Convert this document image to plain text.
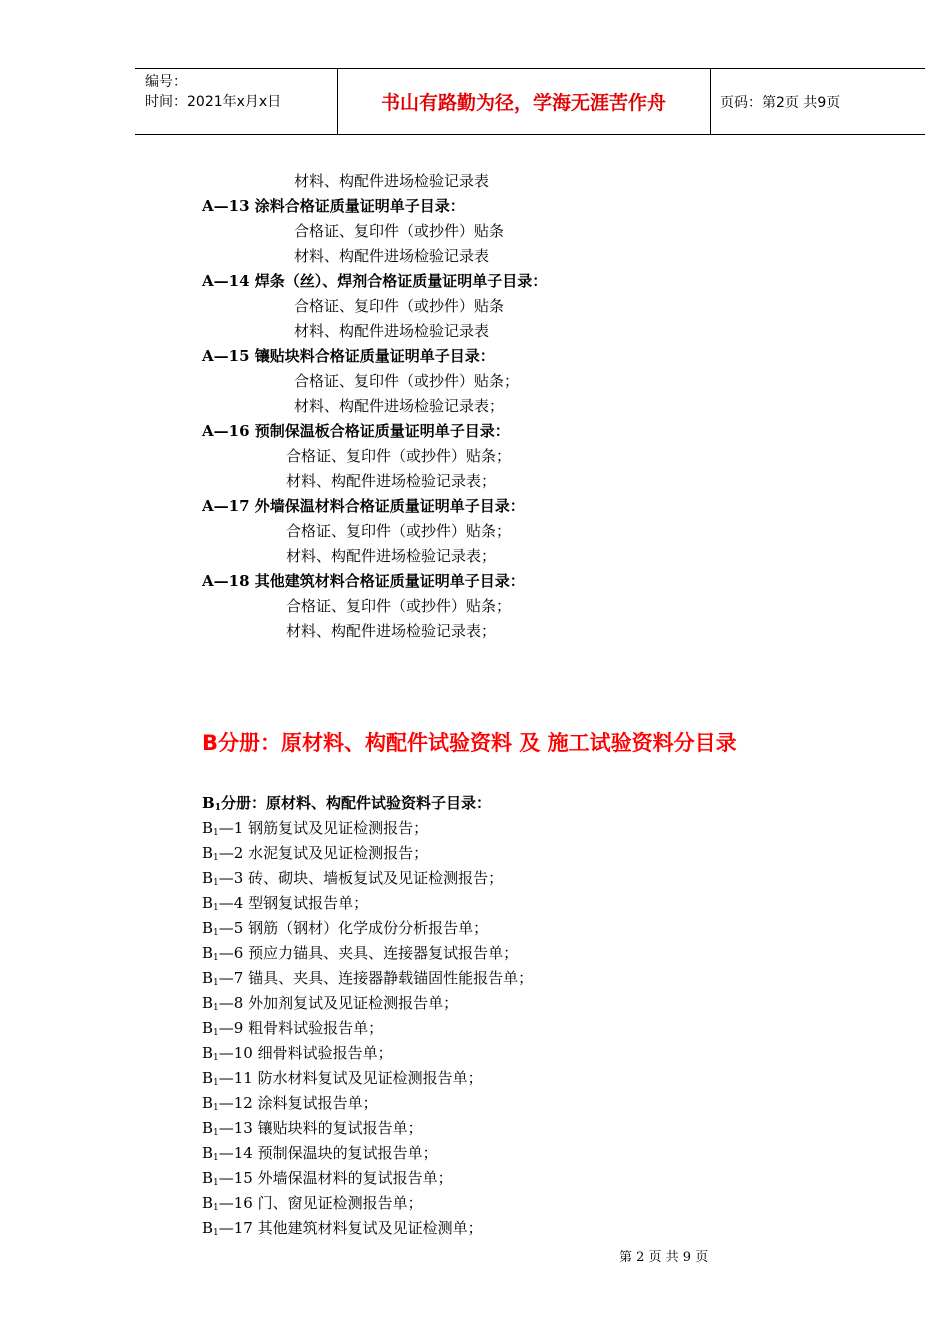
编号：
时间：2021年x月x日	书山有路勤为径，学海无涯苦作舟	页码：第2页 共9页
材料、构配件进场检验记录表
A—13 涂料合格证质量证明单子目录：
合格证、复印件（或抄件）贴条
材料、构配件进场检验记录表
A—14 焊条（丝）、焊剂合格证质量证明单子目录：
合格证、复印件（或抄件）贴条
材料、构配件进场检验记录表
A—15 镶贴块料合格证质量证明单子目录：
合格证、复印件（或抄件）贴条；
材料、构配件进场检验记录表；
A—16 预制保温板合格证质量证明单子目录：
合格证、复印件（或抄件）贴条；
材料、构配件进场检验记录表；
A—17 外墙保温材料合格证质量证明单子目录：
合格证、复印件（或抄件）贴条；
材料、构配件进场检验记录表；
A—18 其他建筑材料合格证质量证明单子目录：
合格证、复印件（或抄件）贴条；
材料、构配件进场检验记录表；
B分册：原材料、构配件试验资料 及 施工试验资料分目录
$B_1$分册：原材料、构配件试验资料子目录：
$B_1—1$ 钢筋复试及见证检测报告；
$B_1—2$ 水泥复试及见证检测报告；
$B_1—3$ 砖、砌块、墙板复试及见证检测报告；
$B_1—4$ 型钢复试报告单；
$B_1—5$ 钢筋（钢材）化学成份分析报告单；
$B_1—6$ 预应力锚具、夹具、连接器复试报告单；
$B_1—7$ 锚具、夹具、连接器静载锚固性能报告单；
$B_1—8$ 外加剂复试及见证检测报告单；
$B_1—9$ 粗骨料试验报告单；
$B_1—10$ 细骨料试验报告单；
$B_1—11$ 防水材料复试及见证检测报告单；
$B_1—12$ 涂料复试报告单；
$B_1—13$ 镶贴块料的复试报告单；
$B_1—14$ 预制保温块的复试报告单；
$B_1—15$ 外墙保温材料的复试报告单；
$B_1—16$ 门、窗见证检测报告单；
$B_1—17$ 其他建筑材料复试及见证检测单；
第 2 页 共 9 页
